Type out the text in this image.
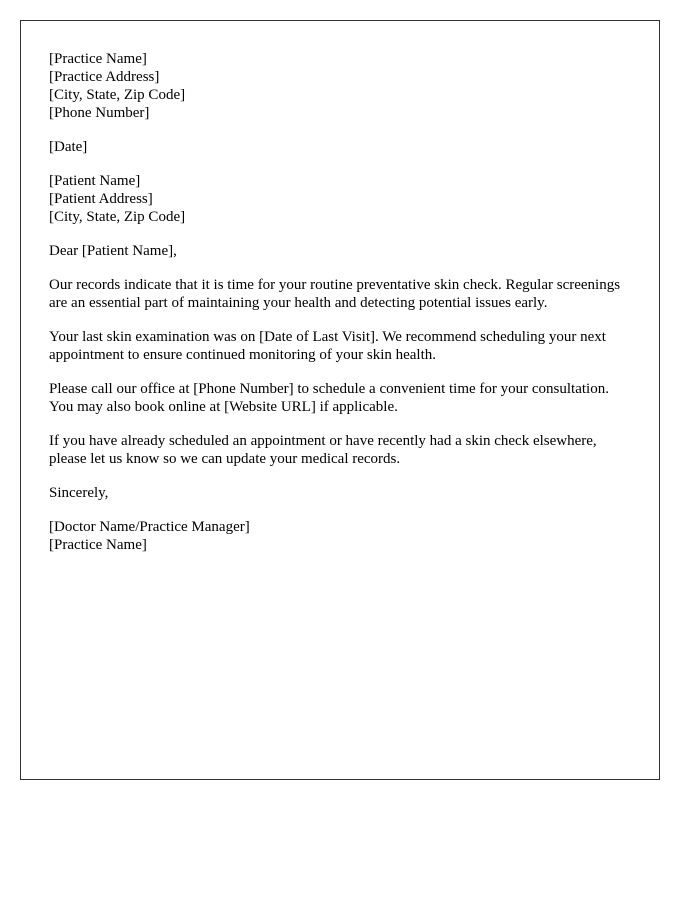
[Practice Name]
[Practice Address]
[City, State, Zip Code]
[Phone Number]
[Date]
[Patient Name]
[Patient Address]
[City, State, Zip Code]

Dear [Patient Name],

Our records indicate that it is time for your routine preventative skin check. Regular screenings are an essential part of maintaining your health and detecting potential issues early.

Your last skin examination was on [Date of Last Visit]. We recommend scheduling your next appointment to ensure continued monitoring of your skin health.

Please call our office at [Phone Number] to schedule a convenient time for your consultation. You may also book online at [Website URL] if applicable.

If you have already scheduled an appointment or have recently had a skin check elsewhere, please let us know so we can update your medical records.

Sincerely,

[Doctor Name/Practice Manager]
[Practice Name]
